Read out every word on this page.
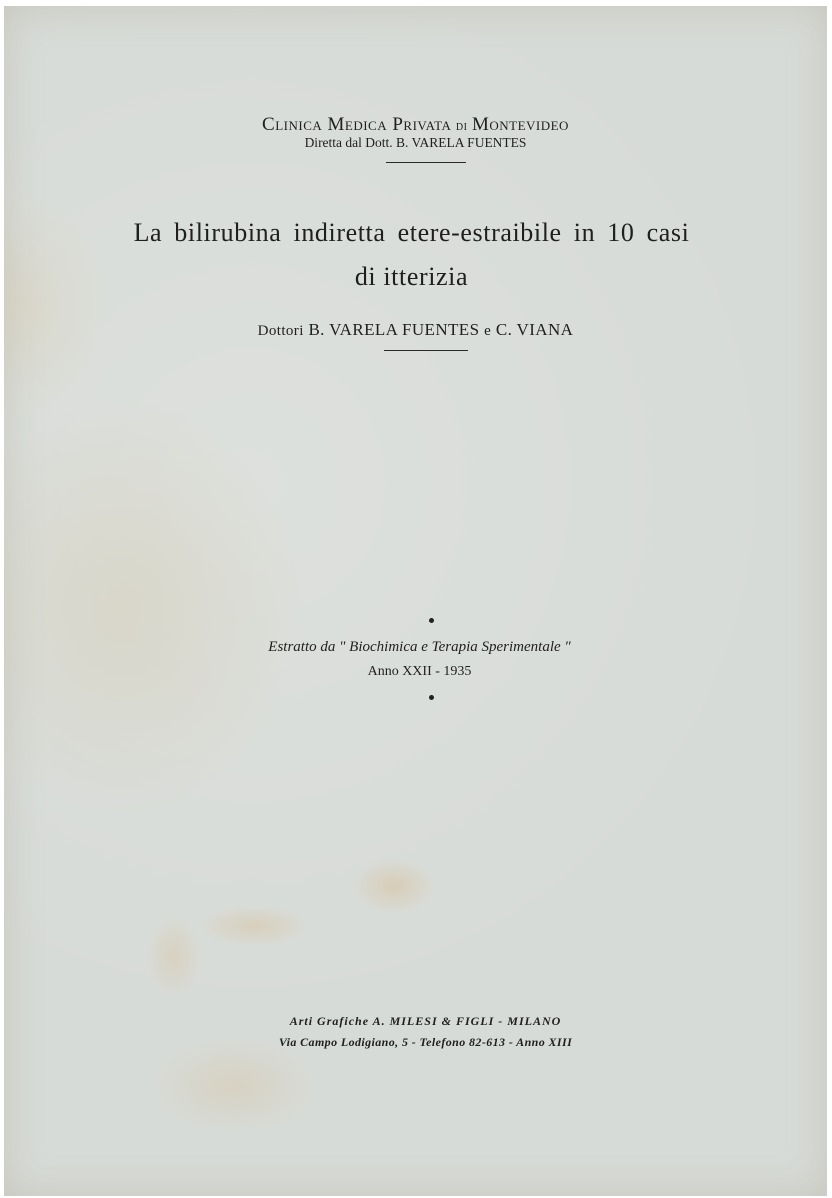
Clinica Medica Privata di Montevideo
Diretta dal Dott. B. VARELA FUENTES
La bilirubina indiretta etere-estraibile in 10 casi
di itterizia
Dottori B. VARELA FUENTES e C. VIANA
Estratto da " Biochimica e Terapia Sperimentale "
Anno XXII - 1935
Arti Grafiche A. MILESI & FIGLI - MILANO
Via Campo Lodigiano, 5 - Telefono 82-613 - Anno XIII
